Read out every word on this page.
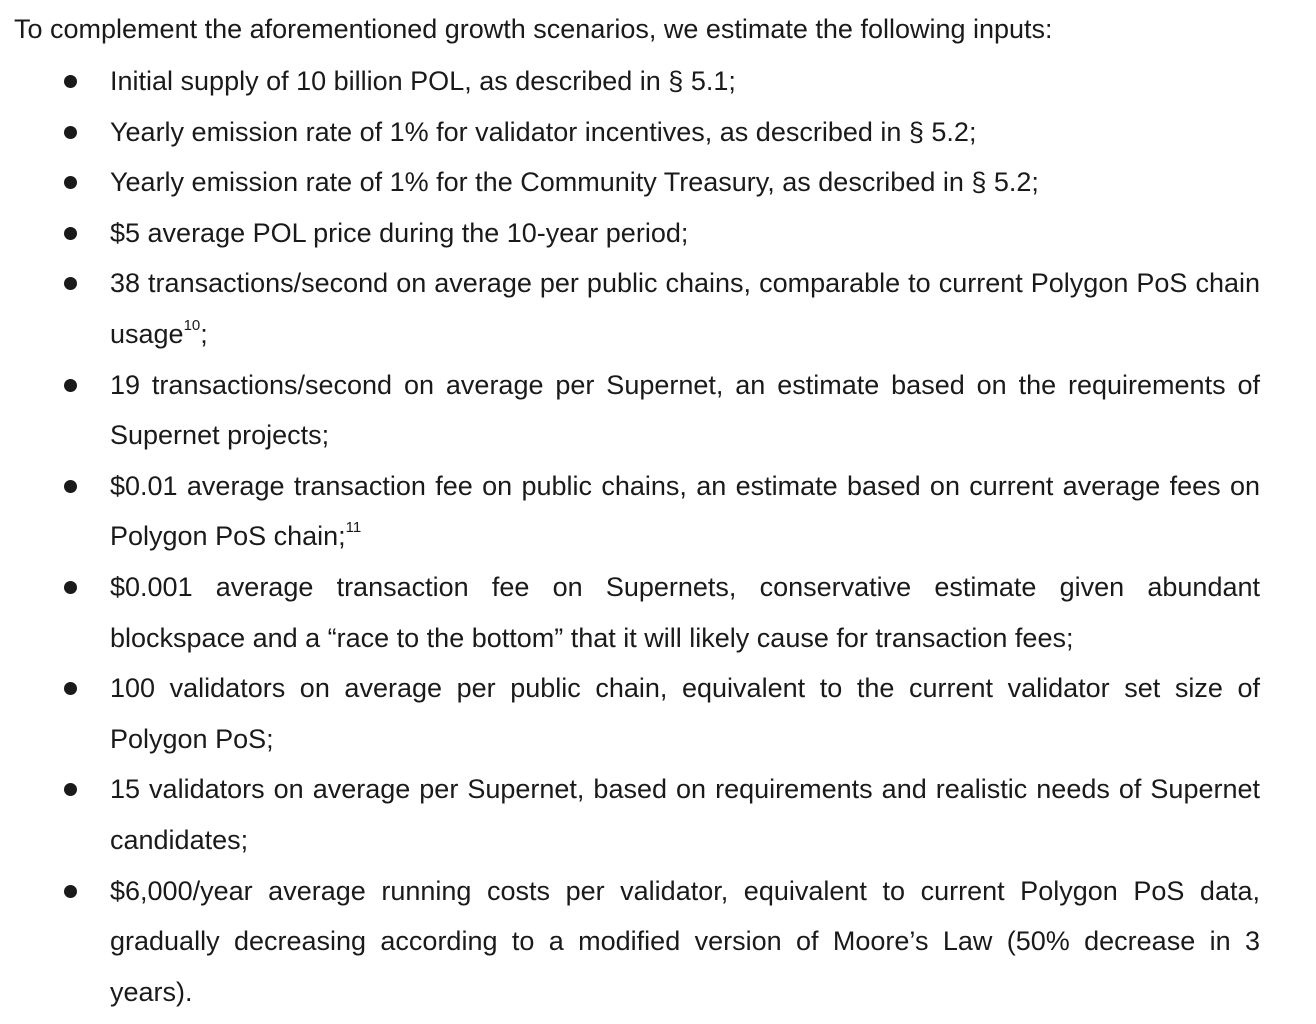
To complement the aforementioned growth scenarios, we estimate the following inputs:

Initial supply of 10 billion POL, as described in § 5.1;
Yearly emission rate of 1% for validator incentives, as described in § 5.2;
Yearly emission rate of 1% for the Community Treasury, as described in § 5.2;
$5 average POL price during the 10-year period;
38 transactions/second on average per public chains, comparable to current Polygon PoS chain usage$^{10}$;
19 transactions/second on average per Supernet, an estimate based on the requirements of Supernet projects;
$0.01 average transaction fee on public chains, an estimate based on current average fees on Polygon PoS chain;$^{11}$
$0.001 average transaction fee on Supernets, conservative estimate given abundant blockspace and a “race to the bottom” that it will likely cause for transaction fees;
100 validators on average per public chain, equivalent to the current validator set size of Polygon PoS;
15 validators on average per Supernet, based on requirements and realistic needs of Supernet candidates;
$6,000/year average running costs per validator, equivalent to current Polygon PoS data, gradually decreasing according to a modified version of Moore’s Law (50% decrease in 3 years).
